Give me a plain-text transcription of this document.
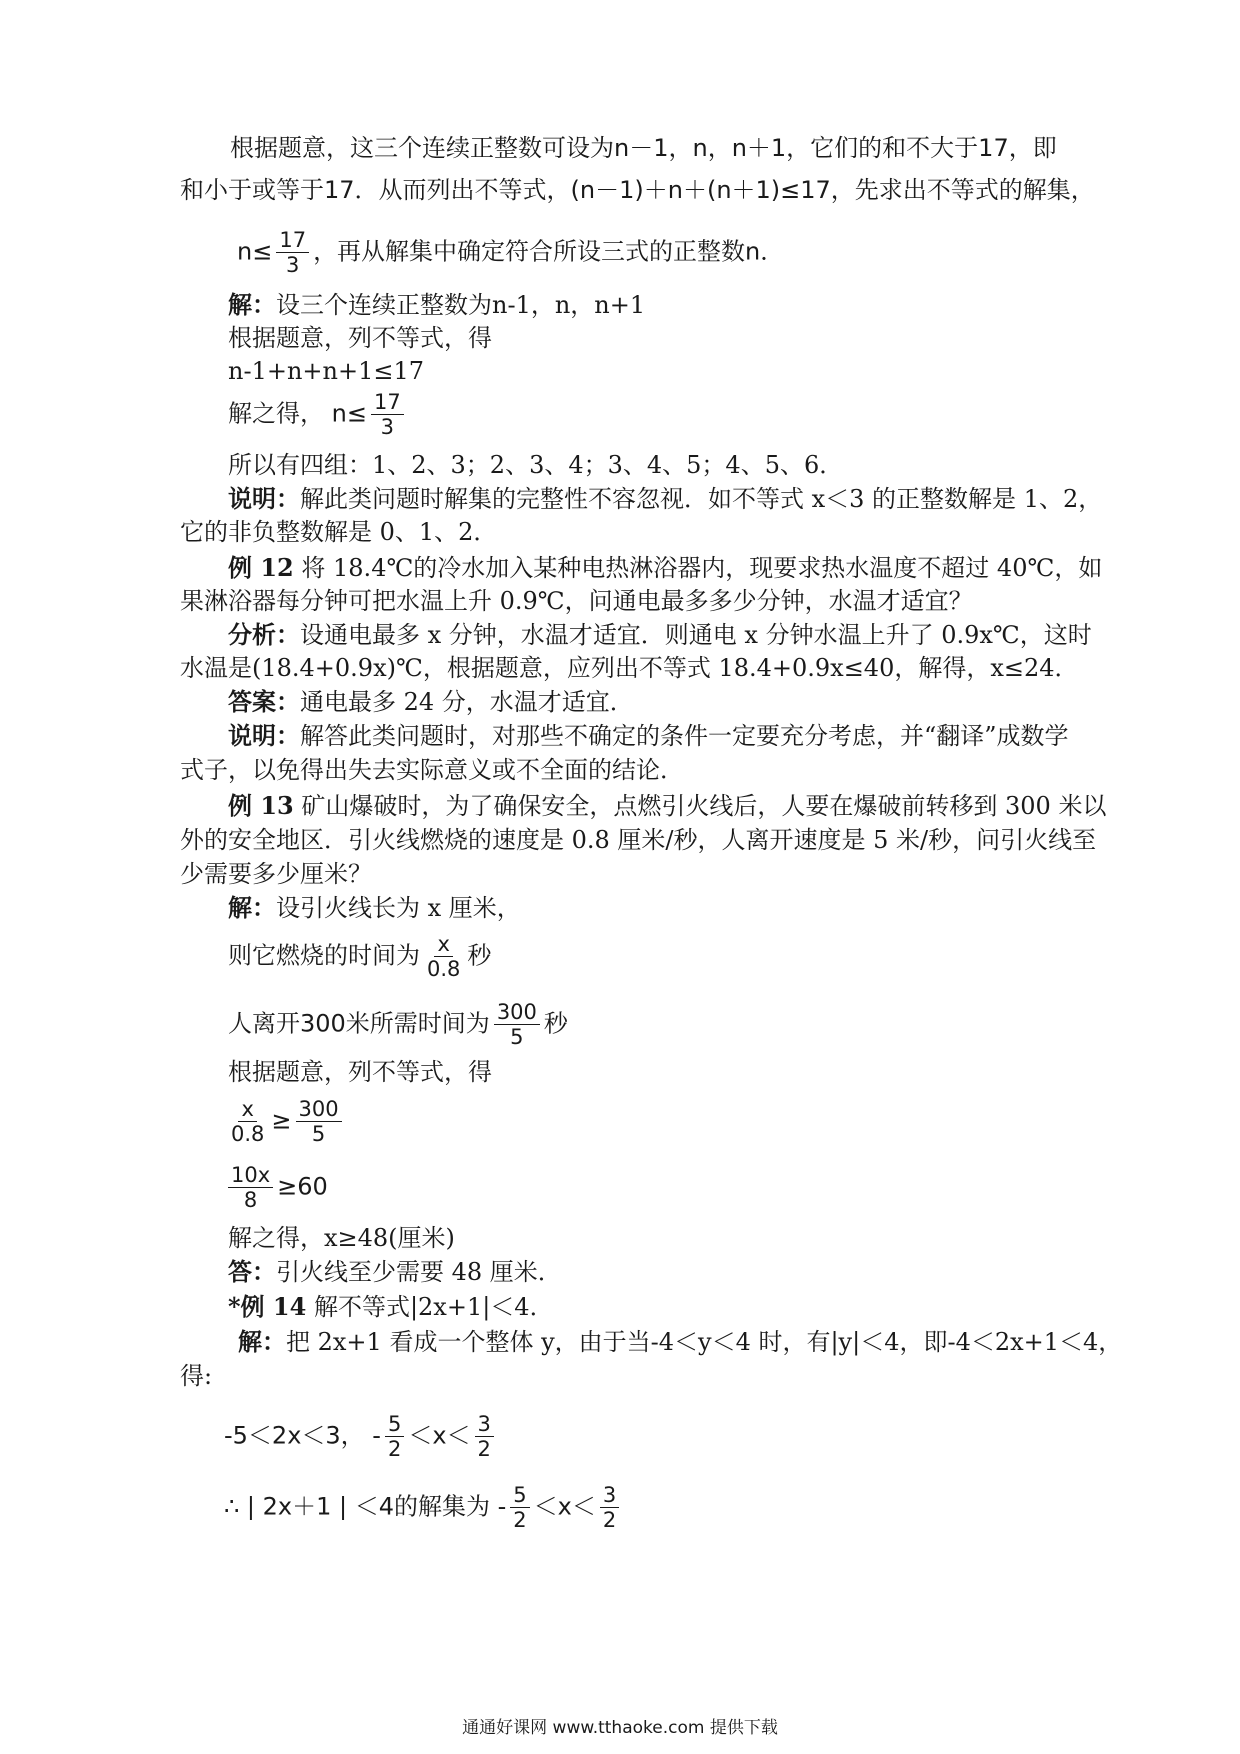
根据题意，这三个连续正整数可设为n－1，n，n＋1，它们的和不大于17，即
和小于或等于17．从而列出不等式，(n－1)＋n＋(n＋1)≤17，先求出不等式的解集，
$n\le \frac{17}{3}$ ，再从解集中确定符合所设三式的正整数n．
解：设三个连续正整数为n-1，n，n+1
根据题意，列不等式，得
n-1+n+n+1≤17
解之得， $n\le \frac{17}{3}$
所以有四组：1、2、3；2、3、4；3、4、5；4、5、6．
说明：解此类问题时解集的完整性不容忽视．如不等式 x＜3 的正整数解是 1、2，
它的非负整数解是 0、1、2．
例 12 将 18.4℃的冷水加入某种电热淋浴器内，现要求热水温度不超过 40℃，如
果淋浴器每分钟可把水温上升 0.9℃，问通电最多多少分钟，水温才适宜？
分析：设通电最多 x 分钟，水温才适宜．则通电 x 分钟水温上升了 0.9x℃，这时
水温是(18.4+0.9x)℃，根据题意，应列出不等式 18.4+0.9x≤40，解得，x≤24．
答案：通电最多 24 分，水温才适宜．
说明：解答此类问题时，对那些不确定的条件一定要充分考虑，并“翻译”成数学
式子，以免得出失去实际意义或不全面的结论．
例 13 矿山爆破时，为了确保安全，点燃引火线后，人要在爆破前转移到 300 米以
外的安全地区．引火线燃烧的速度是 0.8 厘米/秒，人离开速度是 5 米/秒，问引火线至
少需要多少厘米？
解：设引火线长为 x 厘米，
则它燃烧的时间为 $\frac{x}{0.8}$ 秒
人离开300米所需时间为 $\frac{300}{5}$ 秒
根据题意，列不等式，得
$\frac{x}{0.8} \ge \frac{300}{5}$
$\frac{10x}{8} \ge 60$
解之得，x≥48(厘米)
答：引火线至少需要 48 厘米．
*例 14 解不等式|2x+1|＜4．
解：把 2x+1 看成一个整体 y，由于当-4＜y＜4 时，有|y|＜4，即-4＜2x+1＜4，
得:
-5＜2x＜3， - $\frac{5}{2} <x< \frac{3}{2}$
∴ | 2x＋1 | ＜4的解集为 - $\frac{5}{2} <x< \frac{3}{2}$
通通好课网 www.tthaoke.com 提供下载
